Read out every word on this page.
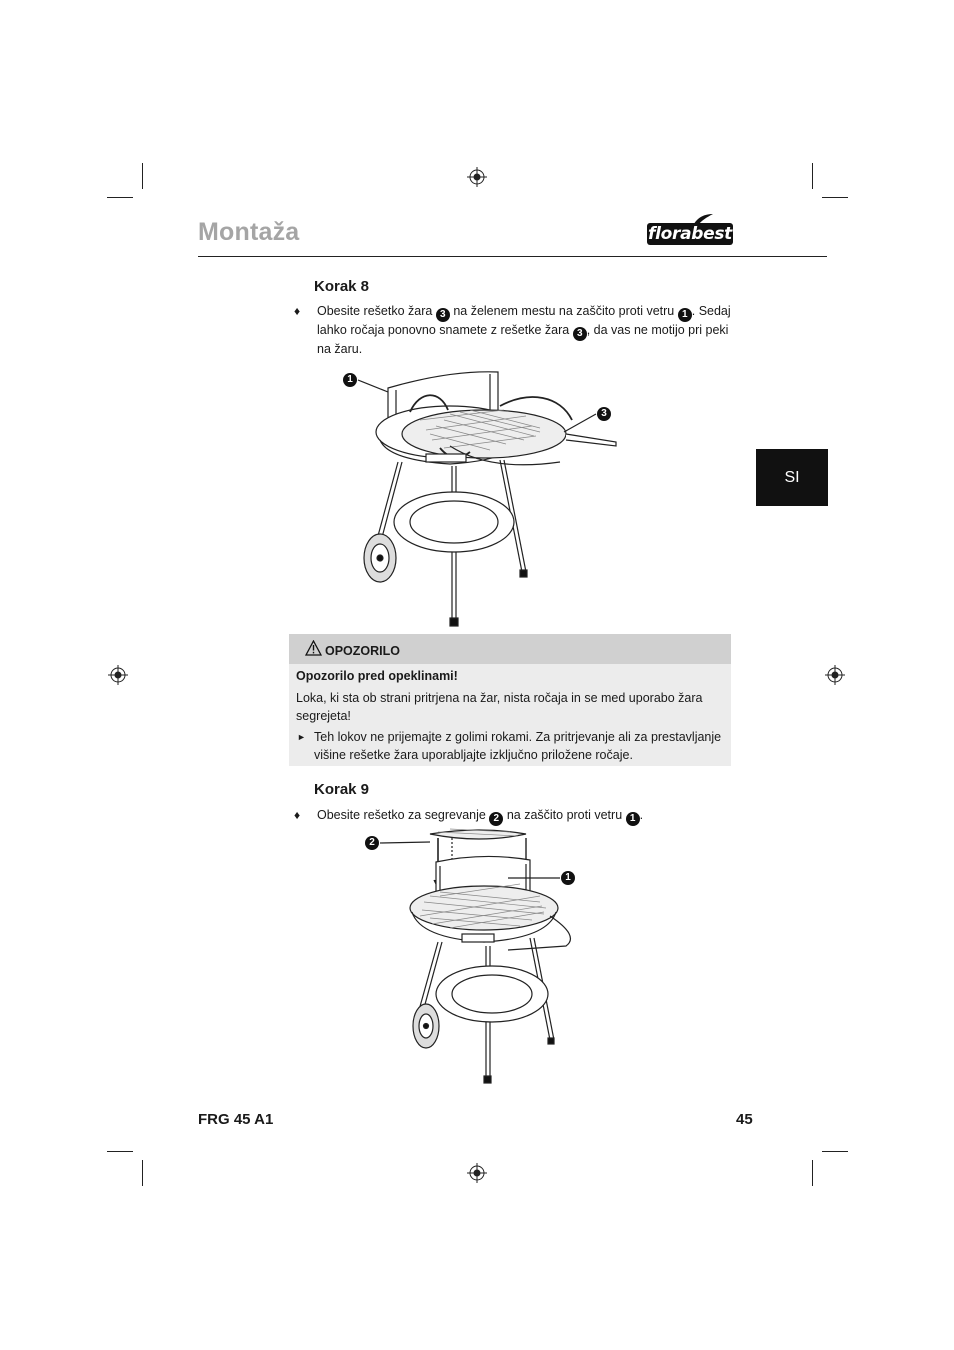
Montaža	florabest
SI
Korak 8
♦ Obesite rešetko žara 3 na želenem mestu na zaščito proti vetru 1 . Sedaj lahko ročaja ponovno snamete z rešetke žara 3 , da vas ne motijo pri peki na žaru.
1
3
OPOZORILO
Opozorilo pred opeklinami!
Loka, ki sta ob strani pritrjena na žar, nista ročaja in se med uporabo žara segrejeta!
► Teh lokov ne prijemajte z golimi rokami. Za pritrjevanje ali za prestavljanje višine rešetke žara uporabljajte izključno priložene ročaje.
Korak 9
♦ Obesite rešetko za segrevanje 2 na zaščito proti vetru 1 .
2
1
FRG 45 A1	45
